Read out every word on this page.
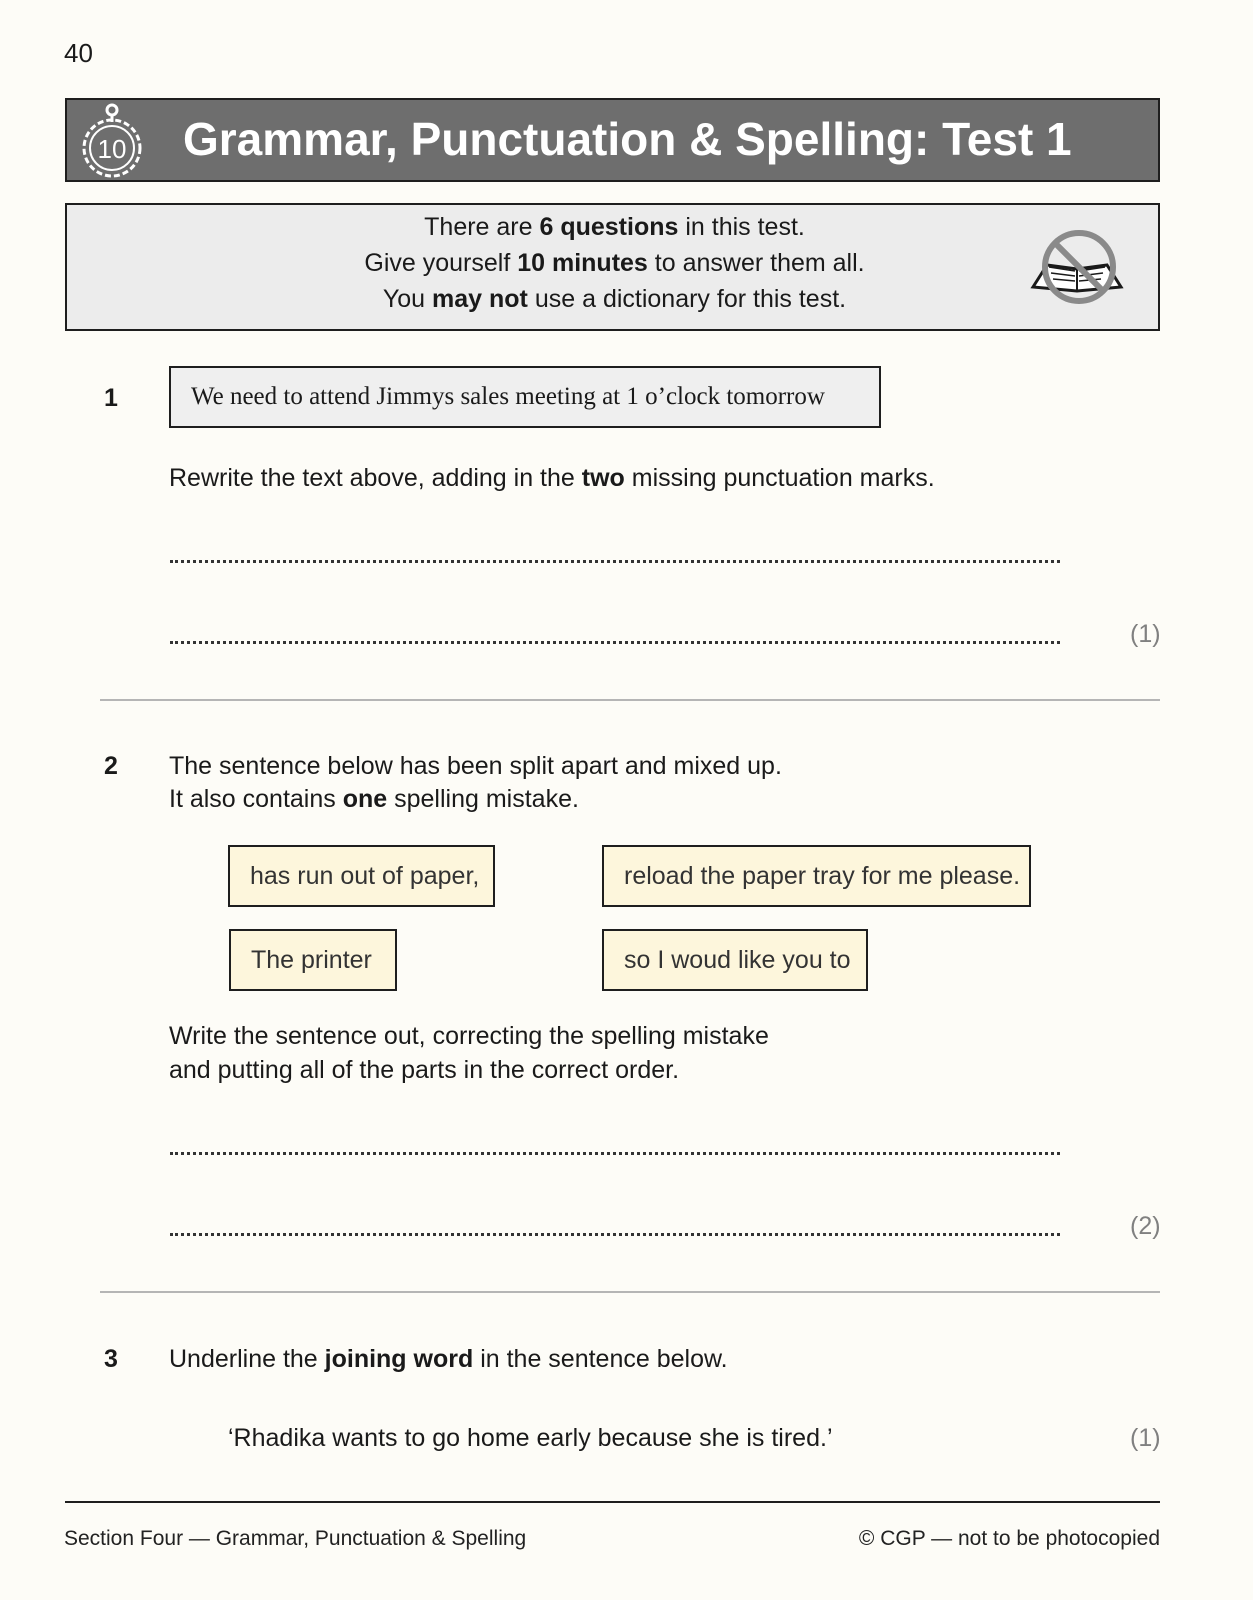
40
10 Grammar, Punctuation & Spelling: Test 1
There are 6 questions in this test.
Give yourself 10 minutes to answer them all.
You may not use a dictionary for this test.
1	We need to attend Jimmys sales meeting at 1 o’clock tomorrow
Rewrite the text above, adding in the two missing punctuation marks.
(1)
2 The sentence below has been split apart and mixed up.
It also contains one spelling mistake.
has run out of paper,	reload the paper tray for me please.
The printer	so I woud like you to
Write the sentence out, correcting the spelling mistake
and putting all of the parts in the correct order.
(2)
3 Underline the joining word in the sentence below.
‘Rhadika wants to go home early because she is tired.’	(1)
Section Four — Grammar, Punctuation & Spelling	© CGP — not to be photocopied
